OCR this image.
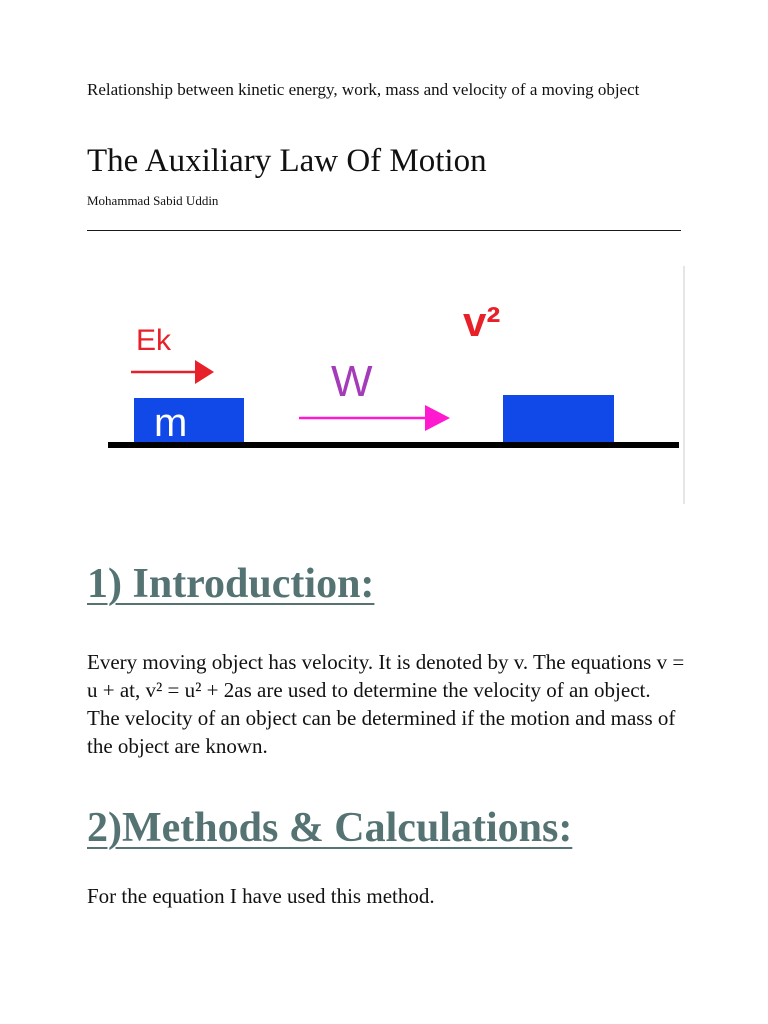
Relationship between kinetic energy, work, mass and velocity of a moving object

The Auxiliary Law Of Motion

Mohammad Sabid Uddin

Ek
m
W
v²
1) Introduction:

Every moving object has velocity. It is denoted by v. The equations v = u + at, v² = u² + 2as are used to determine the velocity of an object. The velocity of an object can be determined if the motion and mass of the object are known.

2)Methods & Calculations:

For the equation I have used this method.
